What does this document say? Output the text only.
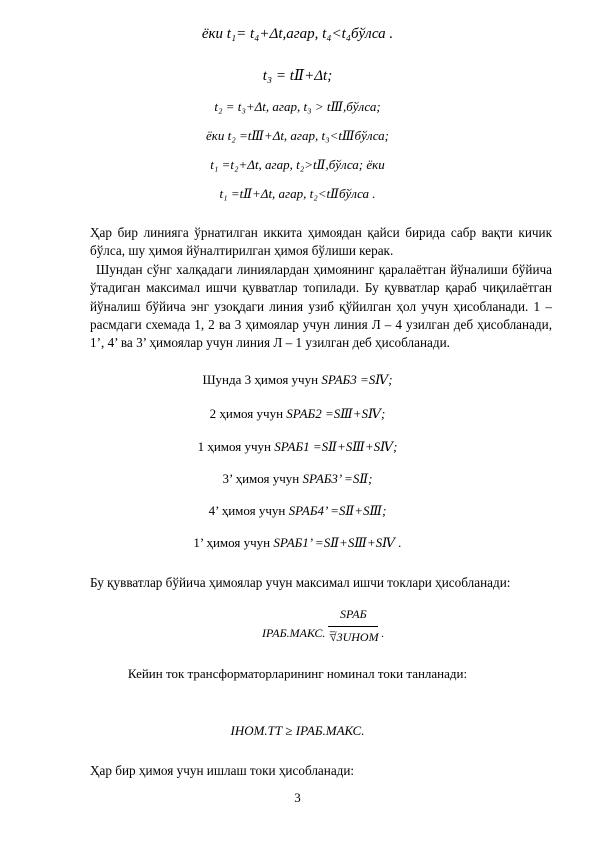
ёки t₁= t₄+Δt,агар, t₄<t₄бўлса .
t₃ = tⅡ+Δt;
t₂ = t₃+Δt, агар, t₃ > tⅢ,бўлса;
ёки t₂ =tⅢ+Δt, агар, t₃<tⅢбўлса;
t₁ =t₂+Δt, агар, t₂>tⅡ,бўлса; ёки
t₁ =tⅡ+Δt, агар, t₂<tⅡбўлса .
Ҳар бир линияга ўрнатилган иккита ҳимоядан қайси бирида сабр вақти кичик бўлса, шу ҳимоя йўналтирилган ҳимоя бўлиши керак.
Шундан сўнг халқадаги линиялардан ҳимоянинг қаралаётган йўналиши бўйича ўтадиган максимал ишчи қувватлар топилади. Бу қувватлар қараб чиқилаётган йўналиш бўйича энг узоқдаги линия узиб қўйилган ҳол учун ҳисобланади. 1 – расмдаги схемада 1, 2 ва 3 ҳимоялар учун линия Л – 4 узилган деб ҳисобланади, 1’, 4’ ва 3’ ҳимоялар учун линия Л – 1 узилган деб ҳисобланади.
Шунда 3 ҳимоя учун SРАБ3 =SⅣ;
2 ҳимоя учун SРАБ2 =SⅢ+SⅣ;
1 ҳимоя учун SРАБ1 =SⅡ+SⅢ+SⅣ;
3’ ҳимоя учун SРАБ3’ =SⅡ;
4’ ҳимоя учун SРАБ4’ =SⅡ+SⅢ;
1’ ҳимоя учун SРАБ1’ =SⅡ+SⅢ+SⅣ .
Бу қувватлар бўйича ҳимоялар учун максимал ишчи токлари ҳисобланади:
IРАБ.МАКС. =
SРАБ
√3UНОМ .
Кейин ток трансформаторларининг номинал токи танланади:
IНОМ.ТТ ≥ IРАБ.МАКС.
Ҳар бир ҳимоя учун ишлаш токи ҳисобланади:
3
